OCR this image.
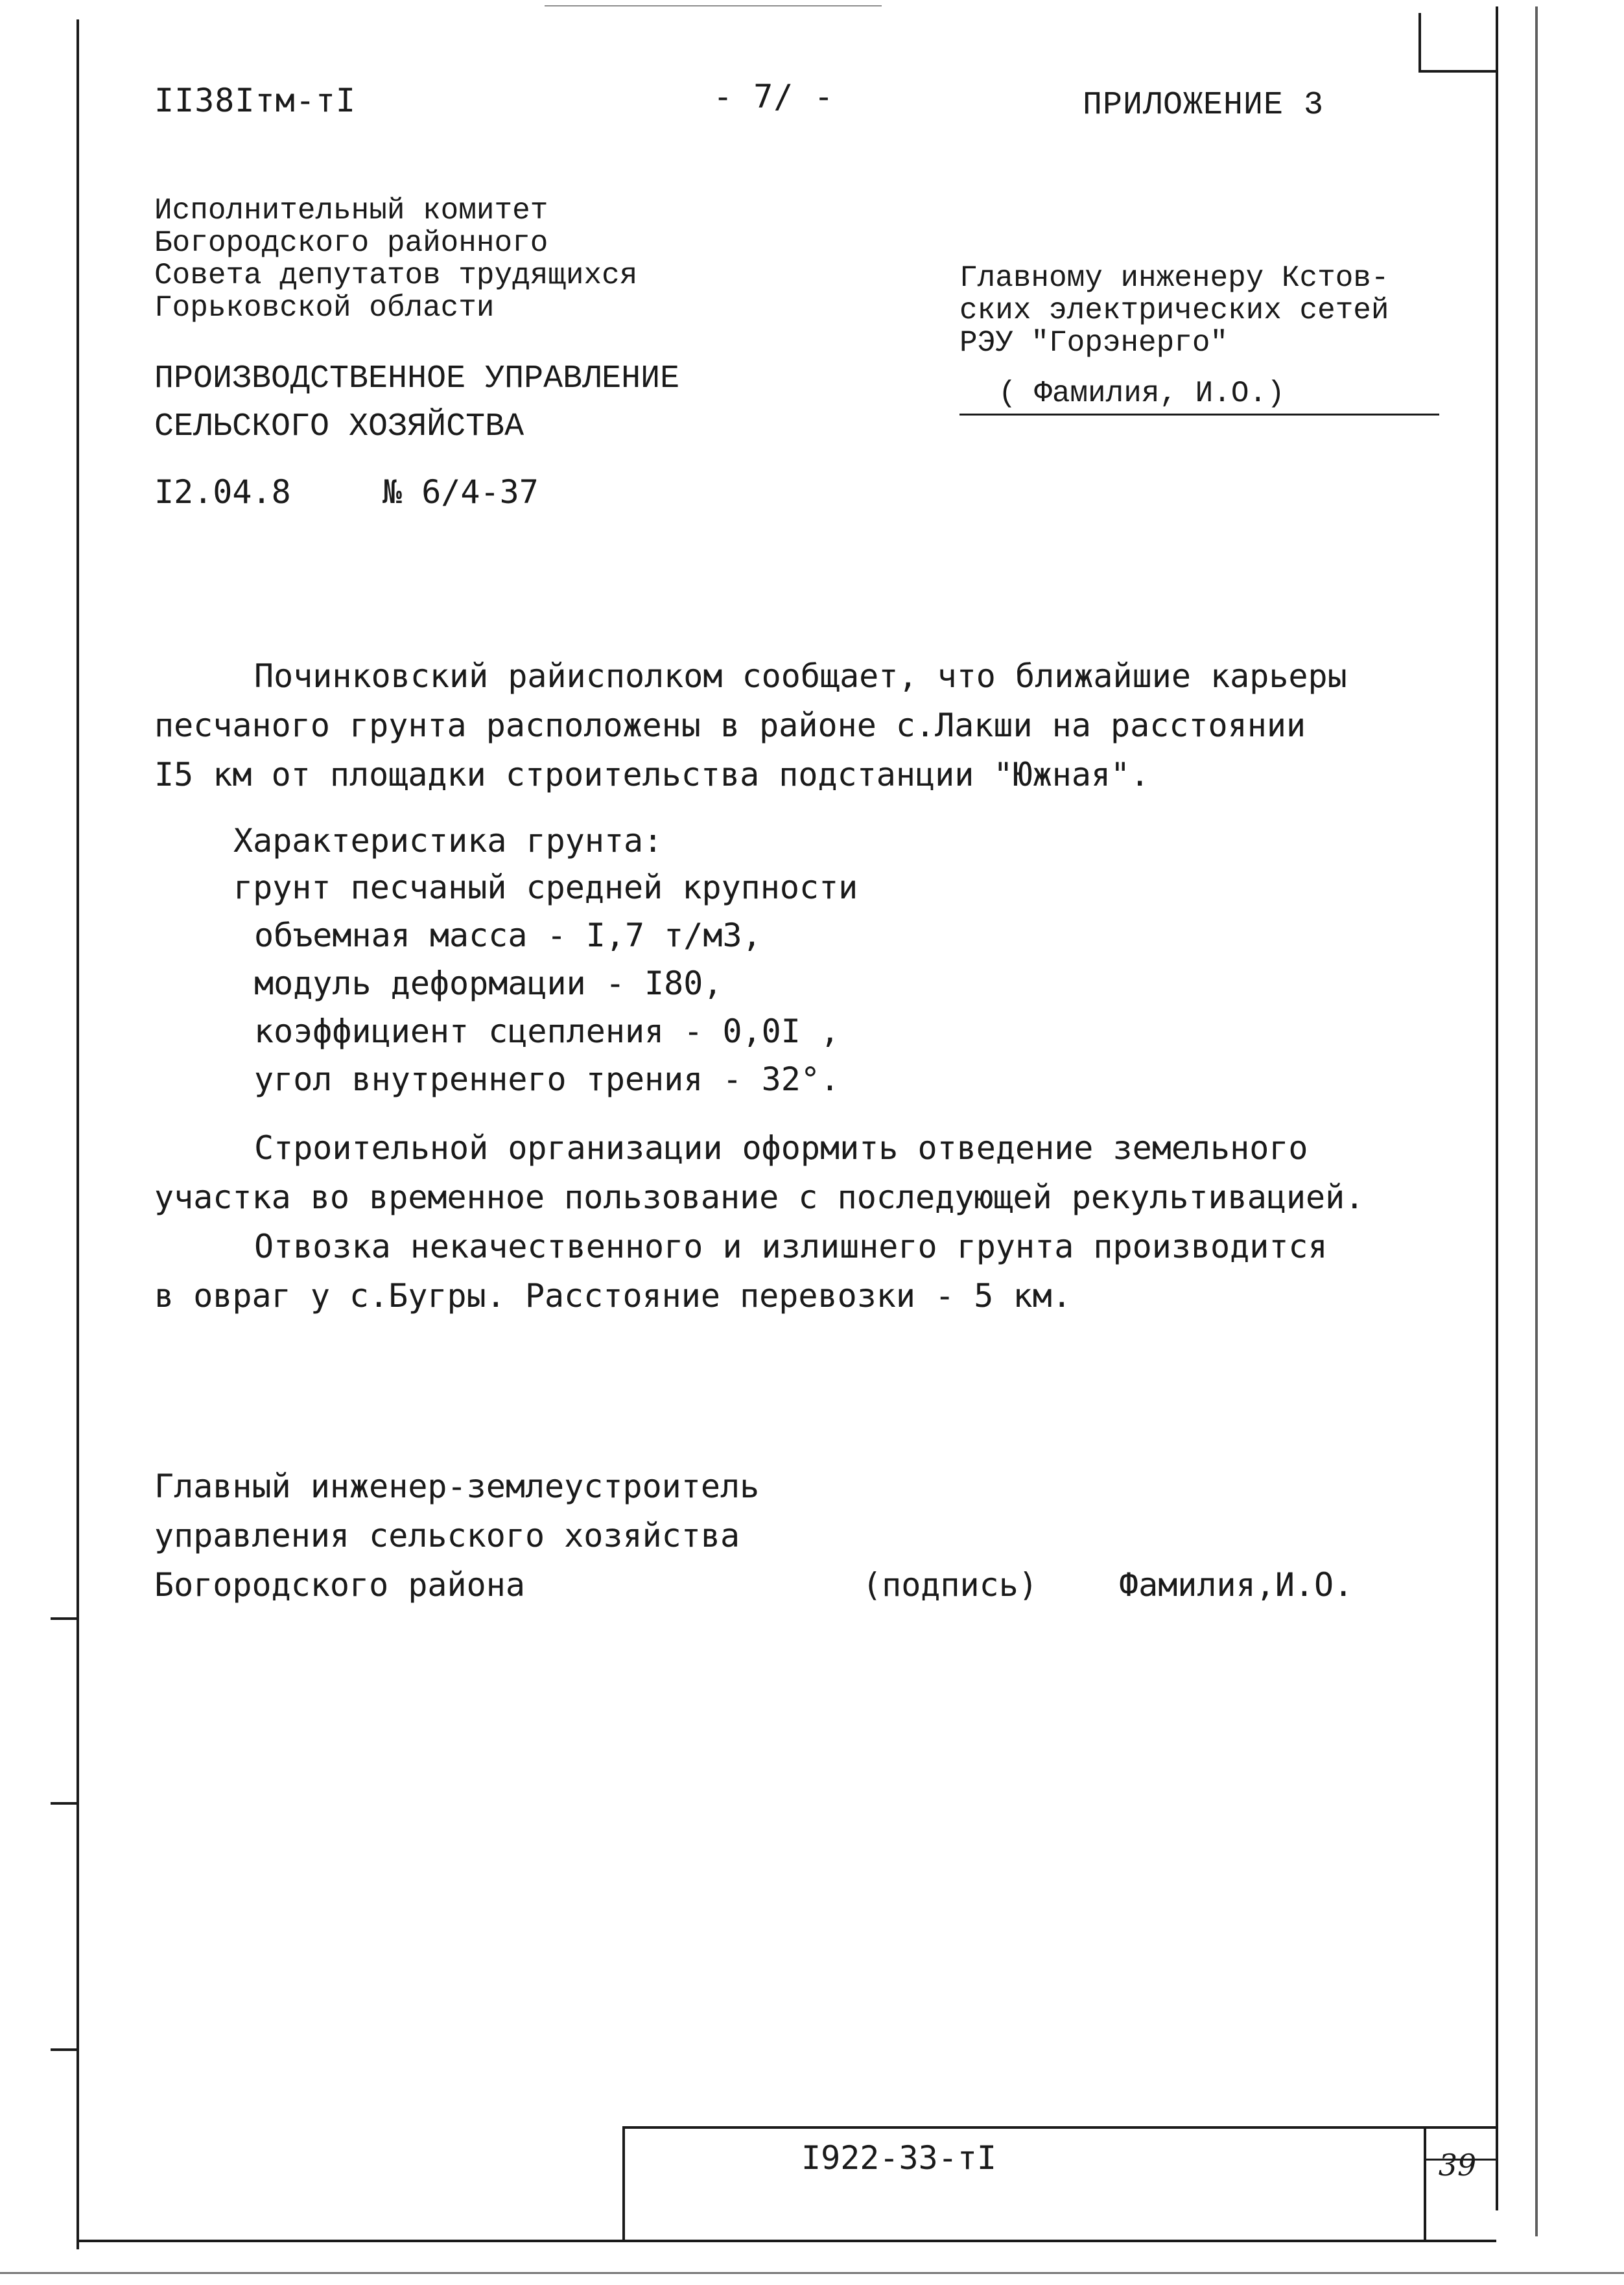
II38Iтм-тI	- 7/ -	ПРИЛОЖЕНИЕ 3
Исполнительный комитет
Богородского районного
Совета депутатов трудящихся
Горьковской области
ПРОИЗВОДСТВЕННОЕ УПРАВЛЕНИЕ
СЕЛЬСКОГО ХОЗЯЙСТВА
I2.04.8	№ 6/4-37
Главному инженеру Кстов-
ских электрических сетей
РЭУ "Горэнерго"
( Фамилия, И.О.)
Починковский райисполком сообщает, что ближайшие карьеры
песчаного грунта расположены в районе с.Лакши на расстоянии
I5 км от площадки строительства подстанции "Южная".
Характеристика грунта:
грунт песчаный средней крупности
объемная масса - I,7 т/м3,
модуль деформации - I80,
коэффициент сцепления - 0,0I ,
угол внутреннего трения - 32°.
Строительной организации оформить отведение земельного
участка во временное пользование с последующей рекультивацией.
Отвозка некачественного и излишнего грунта производится
в овраг у с.Бугры. Расстояние перевозки - 5 км.
Главный инженер-землеустроитель
управления сельского хозяйства
Богородского района	(подпись)	Фамилия,И.О.
I922-33-тI	39
